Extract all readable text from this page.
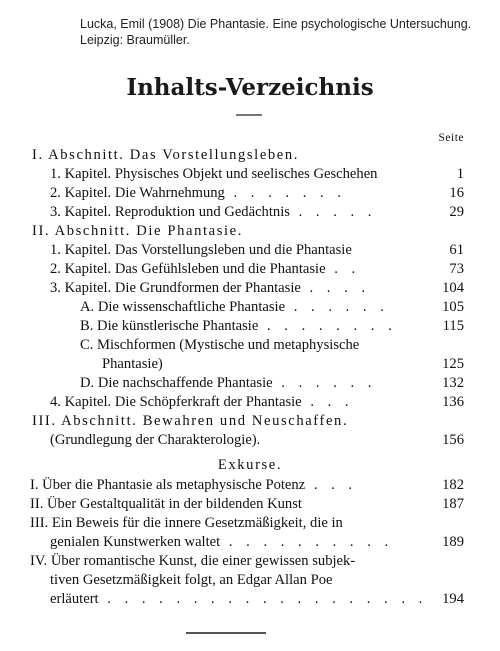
Lucka, Emil (1908) Die Phantasie. Eine psychologische Untersuchung. Leipzig: Braumüller.
Inhalts-Verzeichnis
Seite
I. Abschnitt. Das Vorstellungsleben.
1. Kapitel. Physisches Objekt und seelisches Geschehen	1
2. Kapitel. Die Wahrnehmung . . . . . . .	16
3. Kapitel. Reproduktion und Gedächtnis . . . . .	29
II. Abschnitt. Die Phantasie.
1. Kapitel. Das Vorstellungsleben und die Phantasie	61
2. Kapitel. Das Gefühlsleben und die Phantasie . .	73
3. Kapitel. Die Grundformen der Phantasie . . . .	104
A. Die wissenschaftliche Phantasie . . . . . .	105
B. Die künstlerische Phantasie . . . . . . . .	115
C. Mischformen (Mystische und metaphysische
Phantasie)	125
D. Die nachschaffende Phantasie . . . . . .	132
4. Kapitel. Die Schöpferkraft der Phantasie . . .	136
III. Abschnitt. Bewahren und Neuschaffen.
(Grundlegung der Charakterologie).	156
Exkurse.
I. Über die Phantasie als metaphysische Potenz . . .	182
II. Über Gestaltqualität in der bildenden Kunst	187
III. Ein Beweis für die innere Gesetzmäßigkeit, die in
genialen Kunstwerken waltet . . . . . . . . . .	189
IV. Über romantische Kunst, die einer gewissen subjek-
tiven Gesetzmäßigkeit folgt, an Edgar Allan Poe
erläutert . . . . . . . . . . . . . . . . . . . 194
